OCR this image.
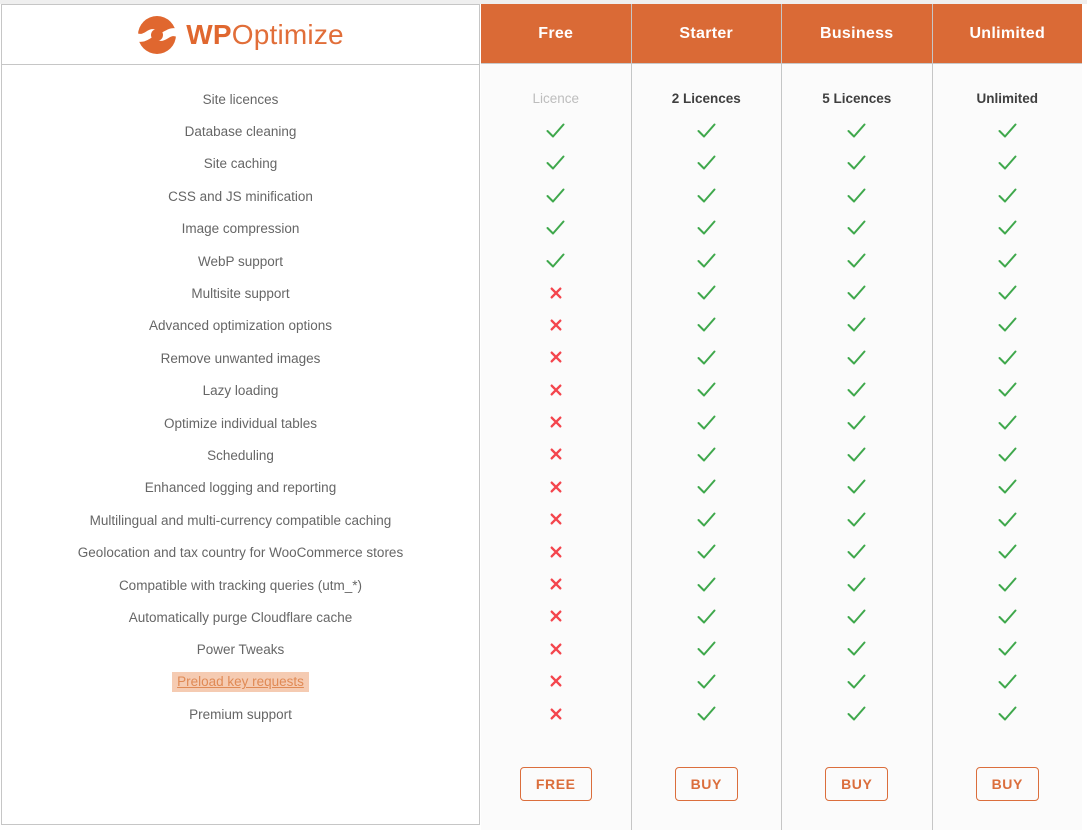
WPOptimize
Site licences
Database cleaning
Site caching
CSS and JS minification
Image compression
WebP support
Multisite support
Advanced optimization options
Remove unwanted images
Lazy loading
Optimize individual tables
Scheduling
Enhanced logging and reporting
Multilingual and multi-currency compatible caching
Geolocation and tax country for WooCommerce stores
Compatible with tracking queries (utm_*)
Automatically purge Cloudflare cache
Power Tweaks
Preload key requests
Premium support
Free
Licence
FREE
Starter
2 Licences
BUY
Business
5 Licences
BUY
Unlimited
Unlimited
BUY
